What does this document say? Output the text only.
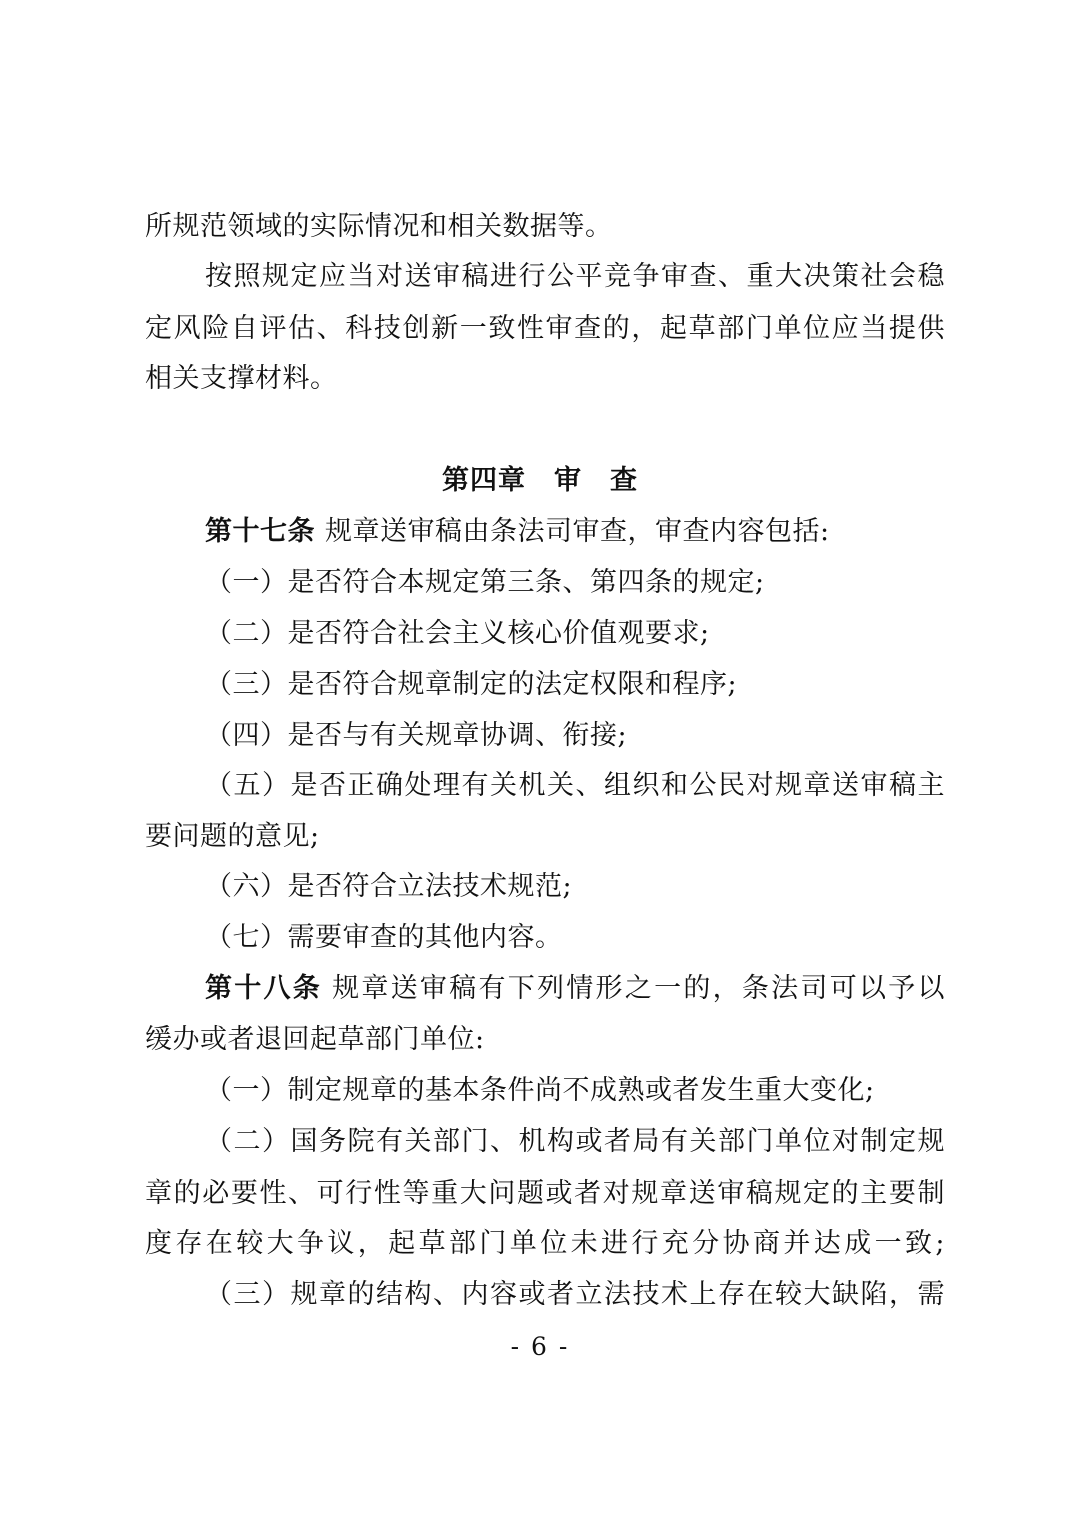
所规范领域的实际情况和相关数据等。
按照规定应当对送审稿进行公平竞争审查、重大决策社会稳
定风险自评估、科技创新一致性审查的，起草部门单位应当提供
相关支撑材料。
第四章 审 查
第十七条 规章送审稿由条法司审查，审查内容包括:
（一）是否符合本规定第三条、第四条的规定;
（二）是否符合社会主义核心价值观要求;
（三）是否符合规章制定的法定权限和程序;
（四）是否与有关规章协调、衔接;
（五）是否正确处理有关机关、组织和公民对规章送审稿主
要问题的意见;
（六）是否符合立法技术规范;
（七）需要审查的其他内容。
第十八条 规章送审稿有下列情形之一的，条法司可以予以
缓办或者退回起草部门单位:
（一）制定规章的基本条件尚不成熟或者发生重大变化;
（二）国务院有关部门、机构或者局有关部门单位对制定规
章的必要性、可行性等重大问题或者对规章送审稿规定的主要制
度存在较大争议，起草部门单位未进行充分协商并达成一致;
（三）规章的结构、内容或者立法技术上存在较大缺陷，需
- 6 -
